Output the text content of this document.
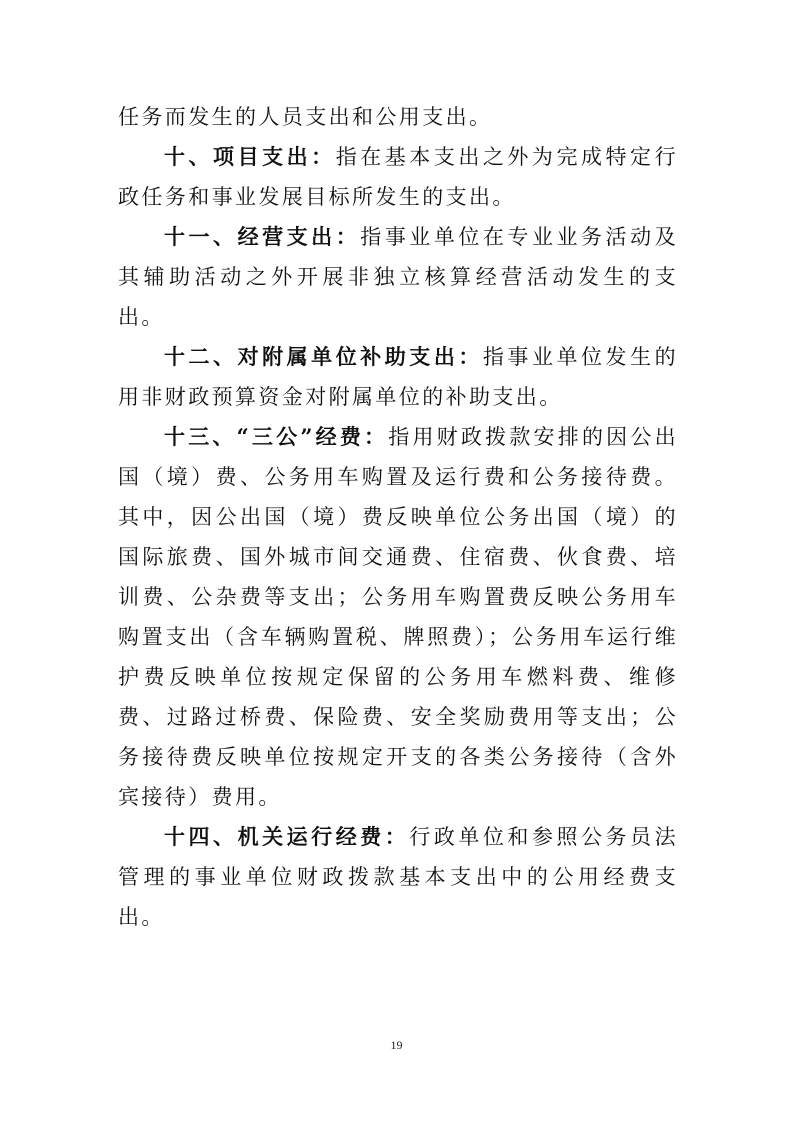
任务而发生的人员支出和公用支出。

十、项目支出：指在基本支出之外为完成特定行政任务和事业发展目标所发生的支出。

十一、经营支出：指事业单位在专业业务活动及其辅助活动之外开展非独立核算经营活动发生的支出。

十二、对附属单位补助支出：指事业单位发生的用非财政预算资金对附属单位的补助支出。

十三、“三公”经费：指用财政拨款安排的因公出国（境）费、公务用车购置及运行费和公务接待费。其中，因公出国（境）费反映单位公务出国（境）的国际旅费、国外城市间交通费、住宿费、伙食费、培训费、公杂费等支出；公务用车购置费反映公务用车购置支出（含车辆购置税、牌照费）；公务用车运行维护费反映单位按规定保留的公务用车燃料费、维修费、过路过桥费、保险费、安全奖励费用等支出；公务接待费反映单位按规定开支的各类公务接待（含外宾接待）费用。

十四、机关运行经费：行政单位和参照公务员法管理的事业单位财政拨款基本支出中的公用经费支出。

19
